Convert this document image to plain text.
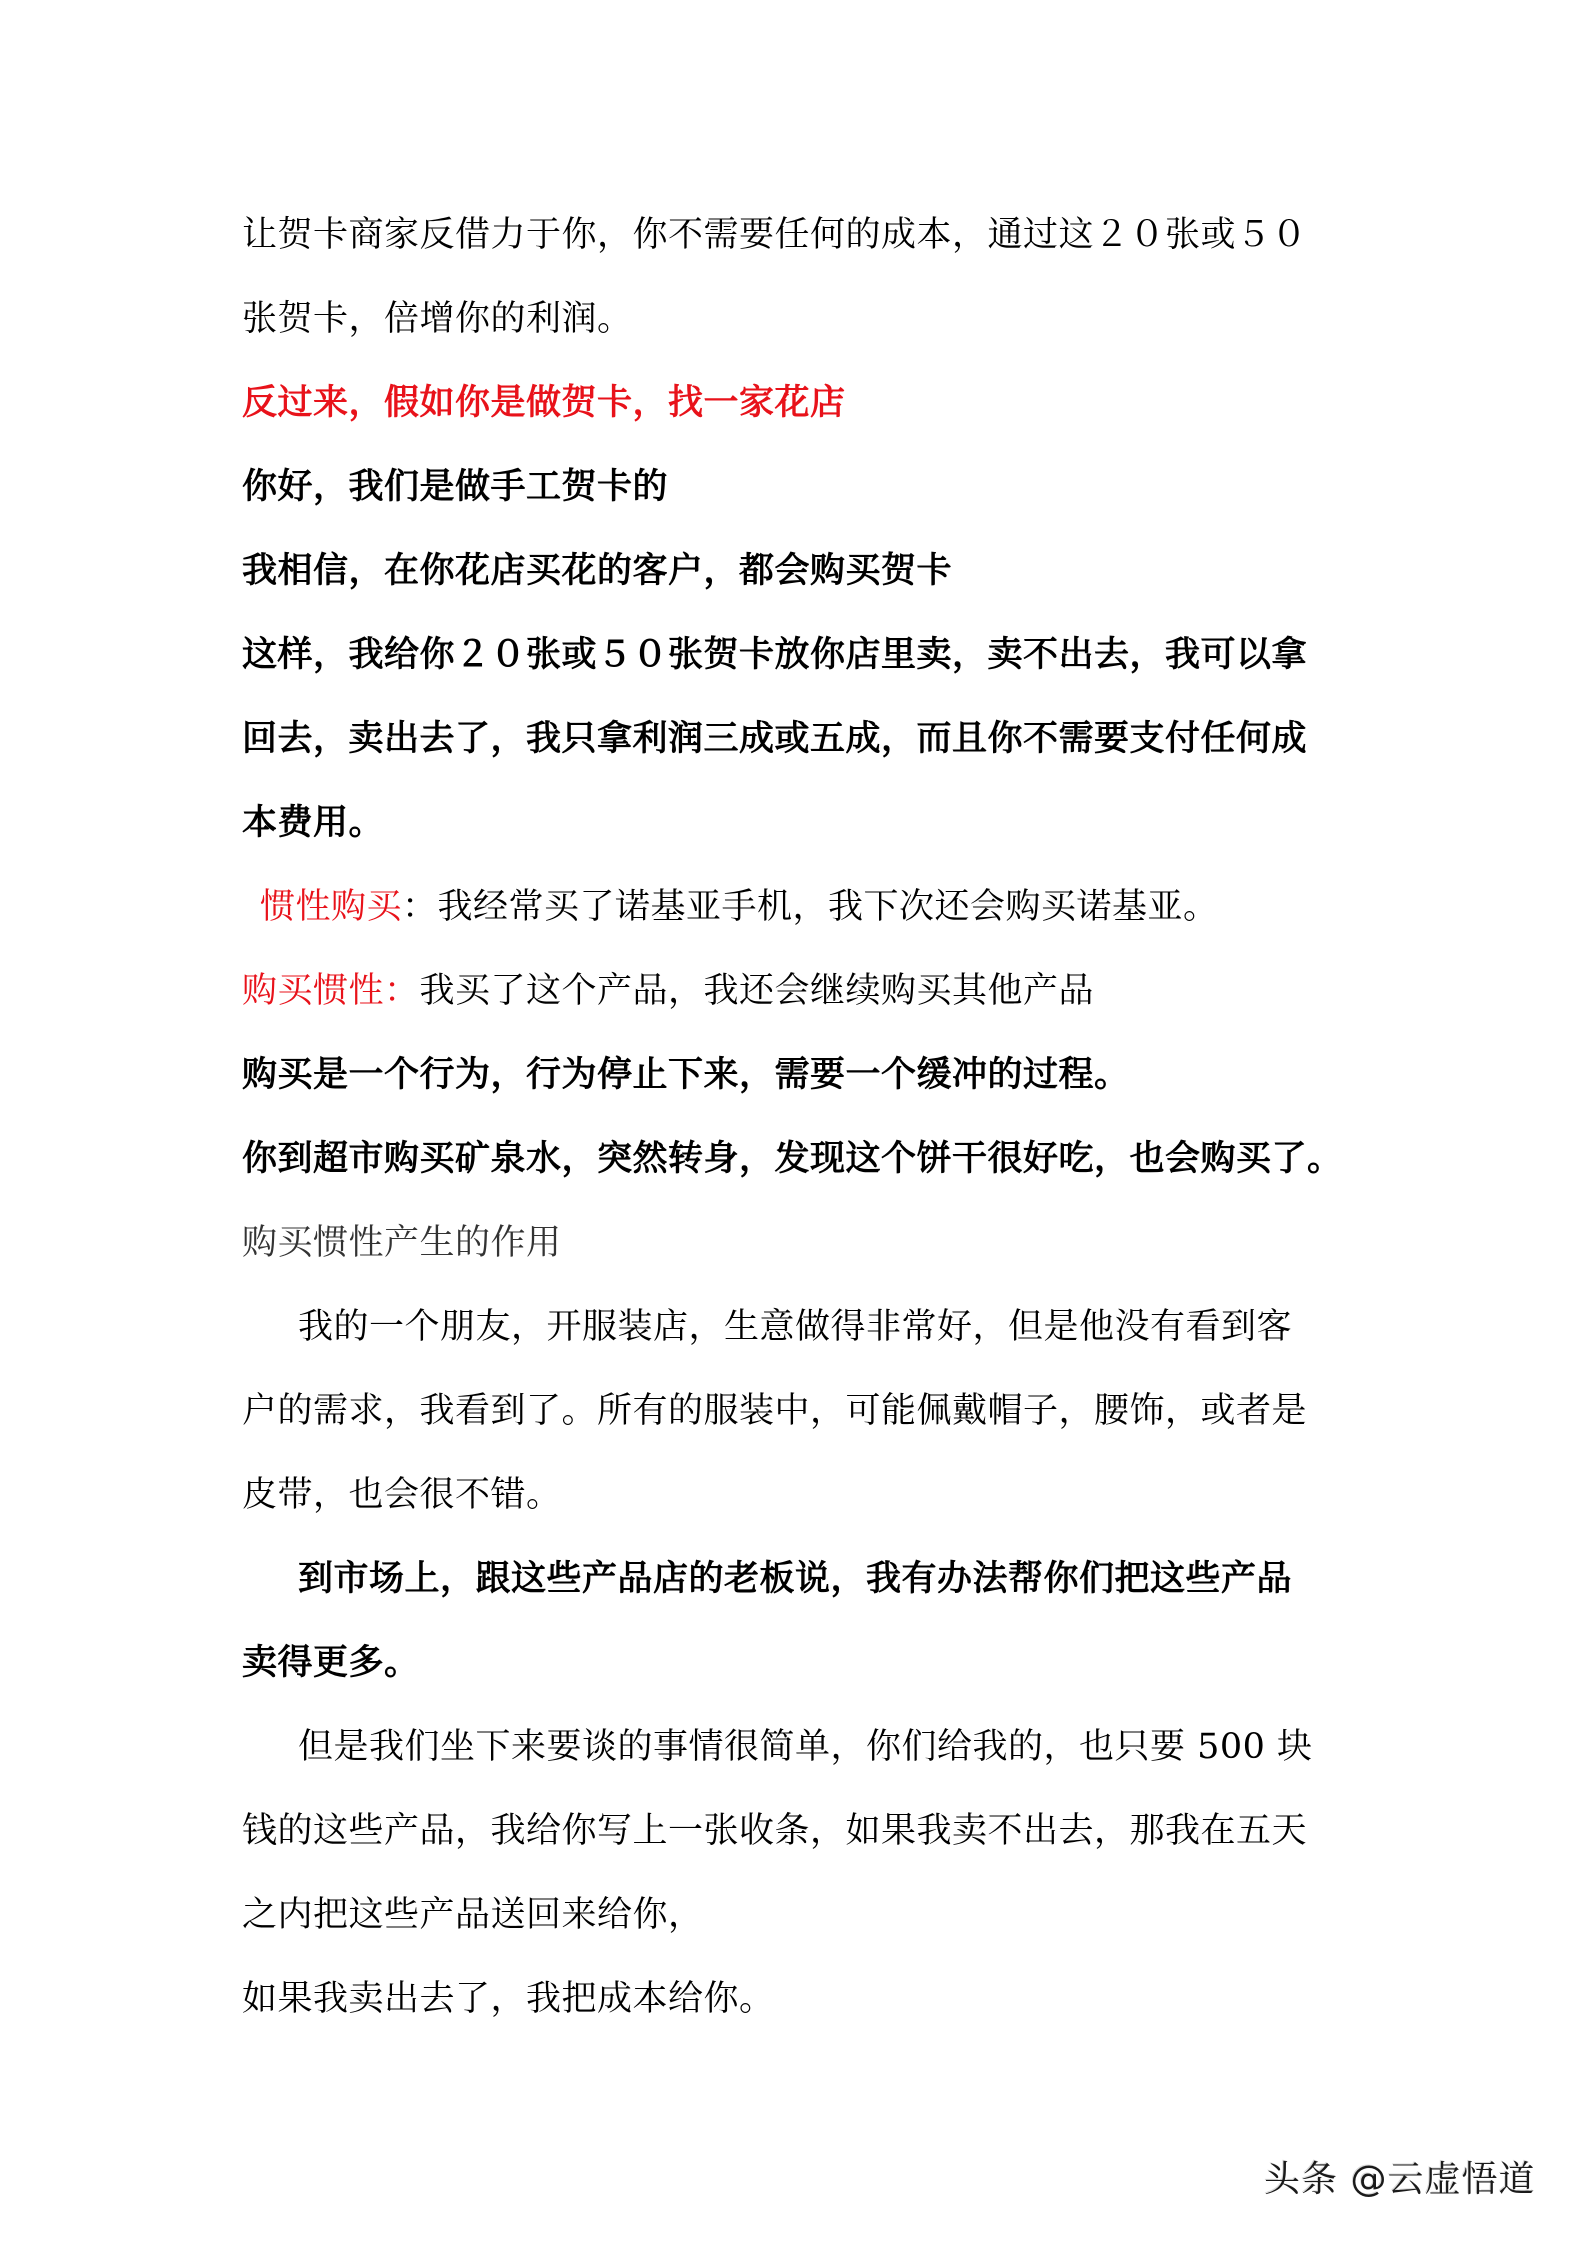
让贺卡商家反借力于你，你不需要任何的成本，通过这２０张或５０
张贺卡，倍增你的利润。
反过来，假如你是做贺卡，找一家花店
你好，我们是做手工贺卡的
我相信，在你花店买花的客户，都会购买贺卡
这样，我给你２０张或５０张贺卡放你店里卖，卖不出去，我可以拿
回去，卖出去了，我只拿利润三成或五成，而且你不需要支付任何成
本费用。
惯性购买：我经常买了诺基亚手机，我下次还会购买诺基亚。
购买惯性：我买了这个产品，我还会继续购买其他产品
购买是一个行为，行为停止下来，需要一个缓冲的过程。
你到超市购买矿泉水，突然转身，发现这个饼干很好吃，也会购买了。
购买惯性产生的作用
我的一个朋友，开服装店，生意做得非常好，但是他没有看到客
户的需求，我看到了。所有的服装中，可能佩戴帽子，腰饰，或者是
皮带，也会很不错。
到市场上，跟这些产品店的老板说，我有办法帮你们把这些产品
卖得更多。
但是我们坐下来要谈的事情很简单，你们给我的，也只要 500 块
钱的这些产品，我给你写上一张收条，如果我卖不出去，那我在五天
之内把这些产品送回来给你，
如果我卖出去了，我把成本给你。
头条 @云虚悟道
